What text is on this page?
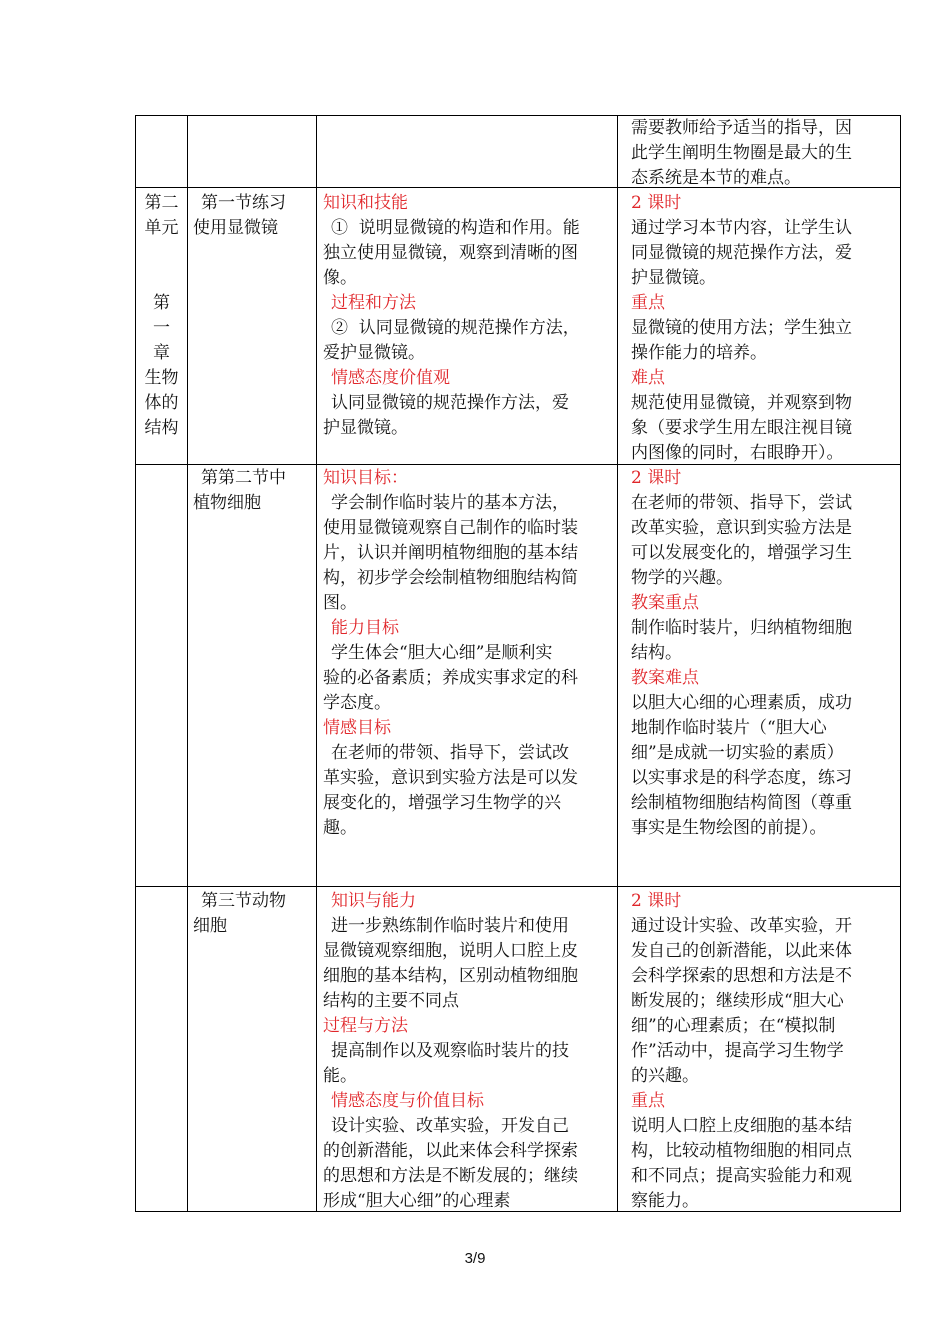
需要教师给予适当的指导，因
此学生阐明生物圈是最大的生
态系统是本节的难点。
第二
单元
第
一
章
生物
体的
结构
第一节练习
使用显微镜
知识和技能
①  说明显微镜的构造和作用。能
独立使用显微镜，观察到清晰的图
像。
过程和方法
②  认同显微镜的规范操作方法，
爱护显微镜。
情感态度价值观
认同显微镜的规范操作方法，爱
护显微镜。
2 课时
通过学习本节内容，让学生认
同显微镜的规范操作方法，爱
护显微镜。
重点
显微镜的使用方法；学生独立
操作能力的培养。
难点
规范使用显微镜，并观察到物
象（要求学生用左眼注视目镜
内图像的同时，右眼睁开）。
第第二节中
植物细胞
知识目标：
学会制作临时装片的基本方法，
使用显微镜观察自己制作的临时装
片，认识并阐明植物细胞的基本结
构，初步学会绘制植物细胞结构简
图。
能力目标
学生体会“胆大心细”是顺利实
验的必备素质；养成实事求定的科
学态度。
情感目标
在老师的带领、指导下，尝试改
革实验，意识到实验方法是可以发
展变化的，增强学习生物学的兴
趣。
2 课时
在老师的带领、指导下，尝试
改革实验，意识到实验方法是
可以发展变化的，增强学习生
物学的兴趣。
教案重点
制作临时装片，归纳植物细胞
结构。
教案难点
以胆大心细的心理素质，成功
地制作临时装片（“胆大心
细”是成就一切实验的素质）
以实事求是的科学态度，练习
绘制植物细胞结构简图（尊重
事实是生物绘图的前提）。
第三节动物
细胞
知识与能力
进一步熟练制作临时装片和使用
显微镜观察细胞，说明人口腔上皮
细胞的基本结构，区别动植物细胞
结构的主要不同点
过程与方法
提高制作以及观察临时装片的技
能。
情感态度与价值目标
设计实验、改革实验，开发自己
的创新潜能，以此来体会科学探索
的思想和方法是不断发展的；继续
形成“胆大心细”的心理素
2 课时
通过设计实验、改革实验，开
发自己的创新潜能，以此来体
会科学探索的思想和方法是不
断发展的；继续形成“胆大心
细”的心理素质；在“模拟制
作”活动中，提高学习生物学
的兴趣。
重点
说明人口腔上皮细胞的基本结
构，比较动植物细胞的相同点
和不同点；提高实验能力和观
察能力。
3/9
